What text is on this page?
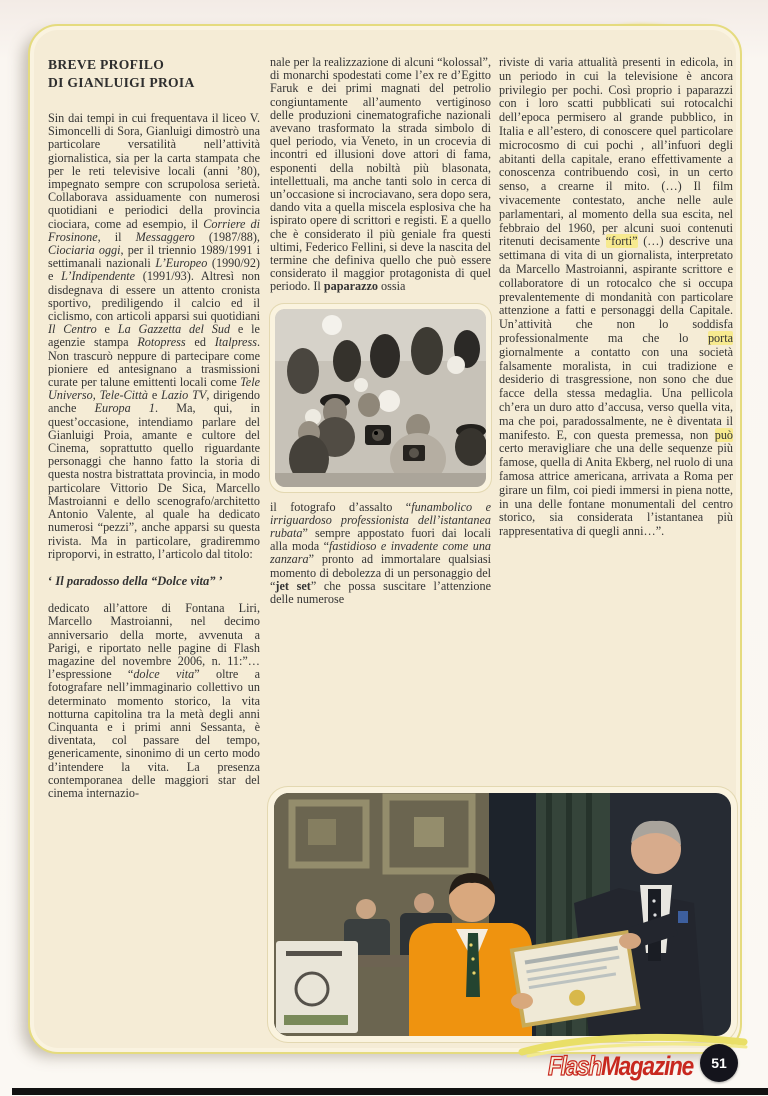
BREVE PROFILO
DI GIANLUIGI PROIA

Sin dai tempi in cui frequentava il liceo V. Simoncelli di Sora, Gianluigi dimostrò una particolare versatilità nell’attività giornalistica, sia per la carta stampata che per le reti televisive locali (anni ’80), impegnato sempre con scrupolosa serietà. Collaborava assiduamente con numerosi quotidiani e periodici della provincia ciociara, come ad esempio, il Corriere di Frosinone, il Messaggero (1987/88), Ciociaria oggi, per il triennio 1989/1991 i settimanali nazionali L’Europeo (1990/92) e L’Indipendente (1991/93). Altresì non disdegnava di essere un attento cronista sportivo, prediligendo il calcio ed il ciclismo, con articoli apparsi sui quotidiani Il Centro e La Gazzetta del Sud e le agenzie stampa Rotopress ed Italpress. Non trascurò neppure di partecipare come pioniere ed antesignano a trasmissioni curate per talune emittenti locali come Tele Universo, Tele-Città e Lazio TV, dirigendo anche Europa 1. Ma, qui, in quest’occasione, intendiamo parlare del Gianluigi Proia, amante e cultore del Cinema, soprattutto quello riguardante personaggi che hanno fatto la storia di questa nostra bistrattata provincia, in modo particolare Vittorio De Sica, Marcello Mastroianni e dello scenografo/architetto Antonio Valente, al quale ha dedicato numerosi “pezzi”, anche apparsi su questa rivista. Ma in particolare, gradiremmo riproporvi, in estratto, l’articolo dal titolo:

‘ Il paradosso della “Dolce vita” ’

dedicato all’attore di Fontana Liri, Marcello Mastroianni, nel decimo anniversario della morte, avvenuta a Parigi, e riportato nelle pagine di Flash magazine del novembre 2006, n. 11:”… l’espressione “dolce vita” oltre a fotografare nell’immaginario collettivo un determinato momento storico, la vita notturna capitolina tra la metà degli anni Cinquanta e i primi anni Sessanta, è diventata, col passare del tempo, genericamente, sinonimo di un certo modo d’intendere la vita. La presenza contemporanea delle maggiori star del cinema internazio-

nale per la realizzazione di alcuni “kolossal”, di monarchi spodestati come l’ex re d’Egitto Faruk e dei primi magnati del petrolio congiuntamente all’aumento vertiginoso delle produzioni cinematografiche nazionali avevano trasformato la strada simbolo di quel periodo, via Veneto, in un crocevia di incontri ed illusioni dove attori di fama, esponenti della nobiltà più blasonata, intellettuali, ma anche tanti solo in cerca di un’occasione si incrociavano, sera dopo sera, dando vita a quella miscela esplosiva che ha ispirato opere di scrittori e registi. E a quello che è considerato il più geniale fra questi ultimi, Federico Fellini, si deve la nascita del termine che definiva quello che può essere considerato il maggior protagonista di quel periodo. Il paparazzo ossia

il fotografo d’assalto “funambolico e irriguardoso professionista dell’istantanea rubata” sempre appostato fuori dai locali alla moda “fastidioso e invadente come una zanzara” pronto ad immortalare qualsiasi momento di debolezza di un personaggio del “jet set” che possa suscitare l’attenzione delle numerose

riviste di varia attualità presenti in edicola, in un periodo in cui la televisione è ancora privilegio per pochi. Così proprio i paparazzi con i loro scatti pubblicati sui rotocalchi dell’epoca permisero al grande pubblico, in Italia e all’estero, di conoscere quel particolare microcosmo di cui pochi , all’infuori degli abitanti della capitale, erano effettivamente a conoscenza contribuendo così, in un certo senso, a crearne il mito. (…) Il film vivacemente contestato, anche nelle aule parlamentari, al momento della sua escita, nel febbraio del 1960, per alcuni suoi contenuti ritenuti decisamente “forti” (…) descrive una settimana di vita di un giornalista, interpretato da Marcello Mastroianni, aspirante scrittore e collaboratore di un rotocalco che si occupa prevalentemente di mondanità con particolare attenzione a fatti e personaggi della Capitale. Un’attività che non lo soddisfa professionalmente ma che lo porta giornalmente a contatto con una società falsamente moralista, in cui tradizione e desiderio di trasgressione, non sono che due facce della stessa medaglia. Una pellicola ch’era un duro atto d’accusa, verso quella vita, ma che poi, paradossalmente, ne è diventata il manifesto. E, con questa premessa, non può certo meravigliare che una delle sequenze più famose, quella di Anita Ekberg, nel ruolo di una famosa attrice americana, arrivata a Roma per girare un film, coi piedi immersi in piena notte, in una delle fontane monumentali del centro storico, sia considerata l’istantanea più rappresentativa di quegli anni…”.

Flash Magazine 51
